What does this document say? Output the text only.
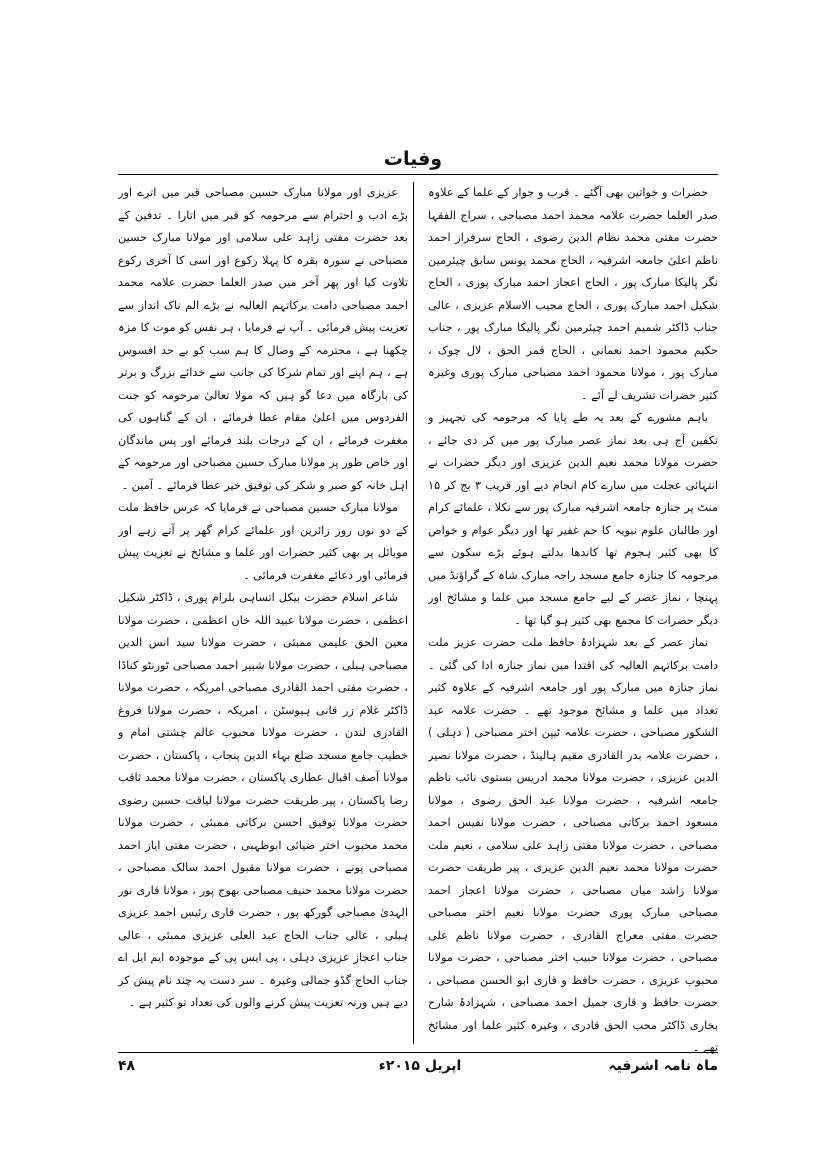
وفیات

حضرات و خواتین بھی آگئے ۔ قرب و جوار کے علما کے علاوہ صدر العلما حضرت علامہ محمد احمد مصباحی ، سراج الفقہا حضرت مفتی محمد نظام الدین رضوی ، الحاج سرفراز احمد ناظم اعلیٰ جامعہ اشرفیہ ، الحاج محمد یونس سابق چیئرمین نگر پالیکا مبارک پور ، الحاج اعجاز احمد مبارک پوری ، الحاج شکیل احمد مبارک پوری ، الحاج مجیب الاسلام عزیزی ، عالی جناب ڈاکٹر شمیم احمد چیئرمین نگر پالیکا مبارک پور ، جناب حکیم محمود احمد نعمانی ، الحاج قمر الحق ، لال چوک ، مبارک پور ، مولانا محمود احمد مصباحی مبارک پوری وغیرہ کثیر حضرات تشریف لے آئے ۔

باہم مشورے کے بعد یہ طے پایا کہ مرحومہ کی تجہیز و تکفین آج ہی بعد نماز عصر مبارک پور میں کر دی جائے ، حضرت مولانا محمد نعیم الدین عزیزی اور دیگر حضرات نے انتہائی عجلت میں سارے کام انجام دیے اور قریب ۳ بج کر ۱۵ منٹ پر جنازہ جامعہ اشرفیہ مبارک پور سے نکلا ، علمائے کرام اور طالبان علوم نبویہ کا جم غفیر تھا اور دیگر عوام و خواص کا بھی کثیر ہجوم تھا کاندھا بدلتے ہوئے بڑے سکون سے مرحومہ کا جنازہ جامع مسجد راجہ مبارک شاہ کے گراؤنڈ میں پہنچا ، نماز عصر کے لیے جامع مسجد میں علما و مشائخ اور دیگر حضرات کا مجمع بھی کثیر ہو گیا تھا ۔

نماز عصر کے بعد شہزادۂ حافظ ملت حضرت عزیز ملت دامت برکاتہم العالیہ کی اقتدا میں نماز جنازہ ادا کی گئی ۔ نماز جنازہ میں مبارک پور اور جامعہ اشرفیہ کے علاوہ کثیر تعداد میں علما و مشائخ موجود تھے ۔ حضرت علامہ عبد الشکور مصباحی ، حضرت علامہ ٹیپن اختر مصباحی ( دہلی ) ، حضرت علامہ بدر القادری مقیم ہالینڈ ، حضرت مولانا نصیر الدین عزیزی ، حضرت مولانا محمد ادریس بستوی نائب ناظم جامعہ اشرفیہ ، حضرت مولانا عبد الحق رضوی ، مولانا مسعود احمد برکاتی مصباحی ، حضرت مولانا نفیس احمد مصباحی ، حضرت مولانا مفتی زاہد علی سلامی ، نعیم ملت حضرت مولانا محمد نعیم الدین عزیزی ، پیر طریقت حضرت مولانا راشد میاں مصباحی ، حضرت مولانا اعجاز احمد مصباحی مبارک پوری حضرت مولانا نعیم اختر مصباحی حضرت مفتی معراج القادری ، حضرت مولانا ناظم علی مصباحی ، حضرت مولانا حبیب اختر مصباحی ، حضرت مولانا محبوب عزیزی ، حضرت حافظ و قاری ابو الحسن مصباحی ، حضرت حافظ و قاری جمیل احمد مصباحی ، شہزادۂ شارح بخاری ڈاکٹر محب الحق قادری ، وغیرہ کثیر علما اور مشائخ تھے ۔

عزیزی اور مولانا مبارک حسین مصباحی قبر میں اترے اور بڑے ادب و احترام سے مرحومہ کو قبر میں اتارا ۔ تدفین کے بعد حضرت مفتی زاہد علی سلامی اور مولانا مبارک حسین مصباحی نے سورہ بقرہ کا پہلا رکوع اور اسی کا آخری رکوع تلاوت کیا اور پھر آخر میں صدر العلما حضرت علامہ محمد احمد مصباحی دامت برکاتہم العالیہ نے بڑے الم ناک انداز سے تعزیت پیش فرمائی ۔ آپ نے فرمایا ، ہر نفس کو موت کا مزہ چکھنا ہے ، محترمہ کے وصال کا ہم سب کو بے حد افسوس ہے ، ہم اپنے اور تمام شرکا کی جانب سے خدائے بزرگ و برتر کی بارگاہ میں دعا گو ہیں کہ مولا تعالیٰ مرحومہ کو جنت الفردوس میں اعلیٰ مقام عطا فرمائے ، ان کے گناہوں کی مغفرت فرمائے ، ان کے درجات بلند فرمائے اور پس ماندگان اور خاص طور پر مولانا مبارک حسین مصباحی اور مرحومہ کے اہل خانہ کو صبر و شکر کی توفیق خیر عطا فرمائے ۔ آمین ۔

مولانا مبارک حسین مصباحی نے فرمایا کہ عرس حافظ ملت کے دو نوں روز زائرین اور علمائے کرام گھر پر آتے رہے اور موبائل پر بھی کثیر حضرات اور علما و مشائخ نے تعزیت پیش فرمائی اور دعائے مغفرت فرمائی ۔

شاعر اسلام حضرت بیکل اتساہی بلرام پوری ، ڈاکٹر شکیل اعظمی ، حضرت مولانا عبید اللہ خاں اعظمی ، حضرت مولانا معین الحق علیمی ممبئی ، حضرت مولانا سید انس الدین مصباحی ہبلی ، حضرت مولانا شبیر احمد مصباحی ٹورنٹو کناڈا ، حضرت مفتی احمد القادری مصباحی امریکہ ، حضرت مولانا ڈاکٹر غلام زر قانی ہیوسٹن ، امریکہ ، حضرت مولانا فروغ القادری لندن ، حضرت مولانا محبوب عالم چشتی امام و خطیب جامع مسجد ضلع بہاء الدین پنجاب ، پاکستان ، حضرت مولانا آصف اقبال عطاری پاکستان ، حضرت مولانا محمد ثاقب رضا پاکستان ، پیر طریقت حضرت مولانا لیاقت حسین رضوی حضرت مولانا توفیق احسن برکاتی ممبئی ، حضرت مولانا محمد محبوب اختر ضیائی ابوظہبی ، حضرت مفتی ایاز احمد مصباحی پونے ، حضرت مولانا مقبول احمد سالک مصباحی ، حضرت مولانا محمد حنیف مصباحی بھوج پور ، مولانا قاری نور الہدیٰ مصباحی گورکھ پور ، حضرت قاری رئیس احمد عزیزی ہبلی ، عالی جناب الحاج عبد العلی عزیزی ممبئی ، عالی جناب اعجاز عزیزی دہلی ، پی ایس پی کے موجودہ ایم ایل اے جناب الحاج گڈو جمالی وغیرہ ۔ سر دست یہ چند نام پیش کر دیے ہیں ورنہ تعزیت پیش کرنے والوں کی تعداد تو کثیر ہے ۔

ماہ نامہ اشرفیہ
اپریل ۲۰۱۵ء
۴۸
